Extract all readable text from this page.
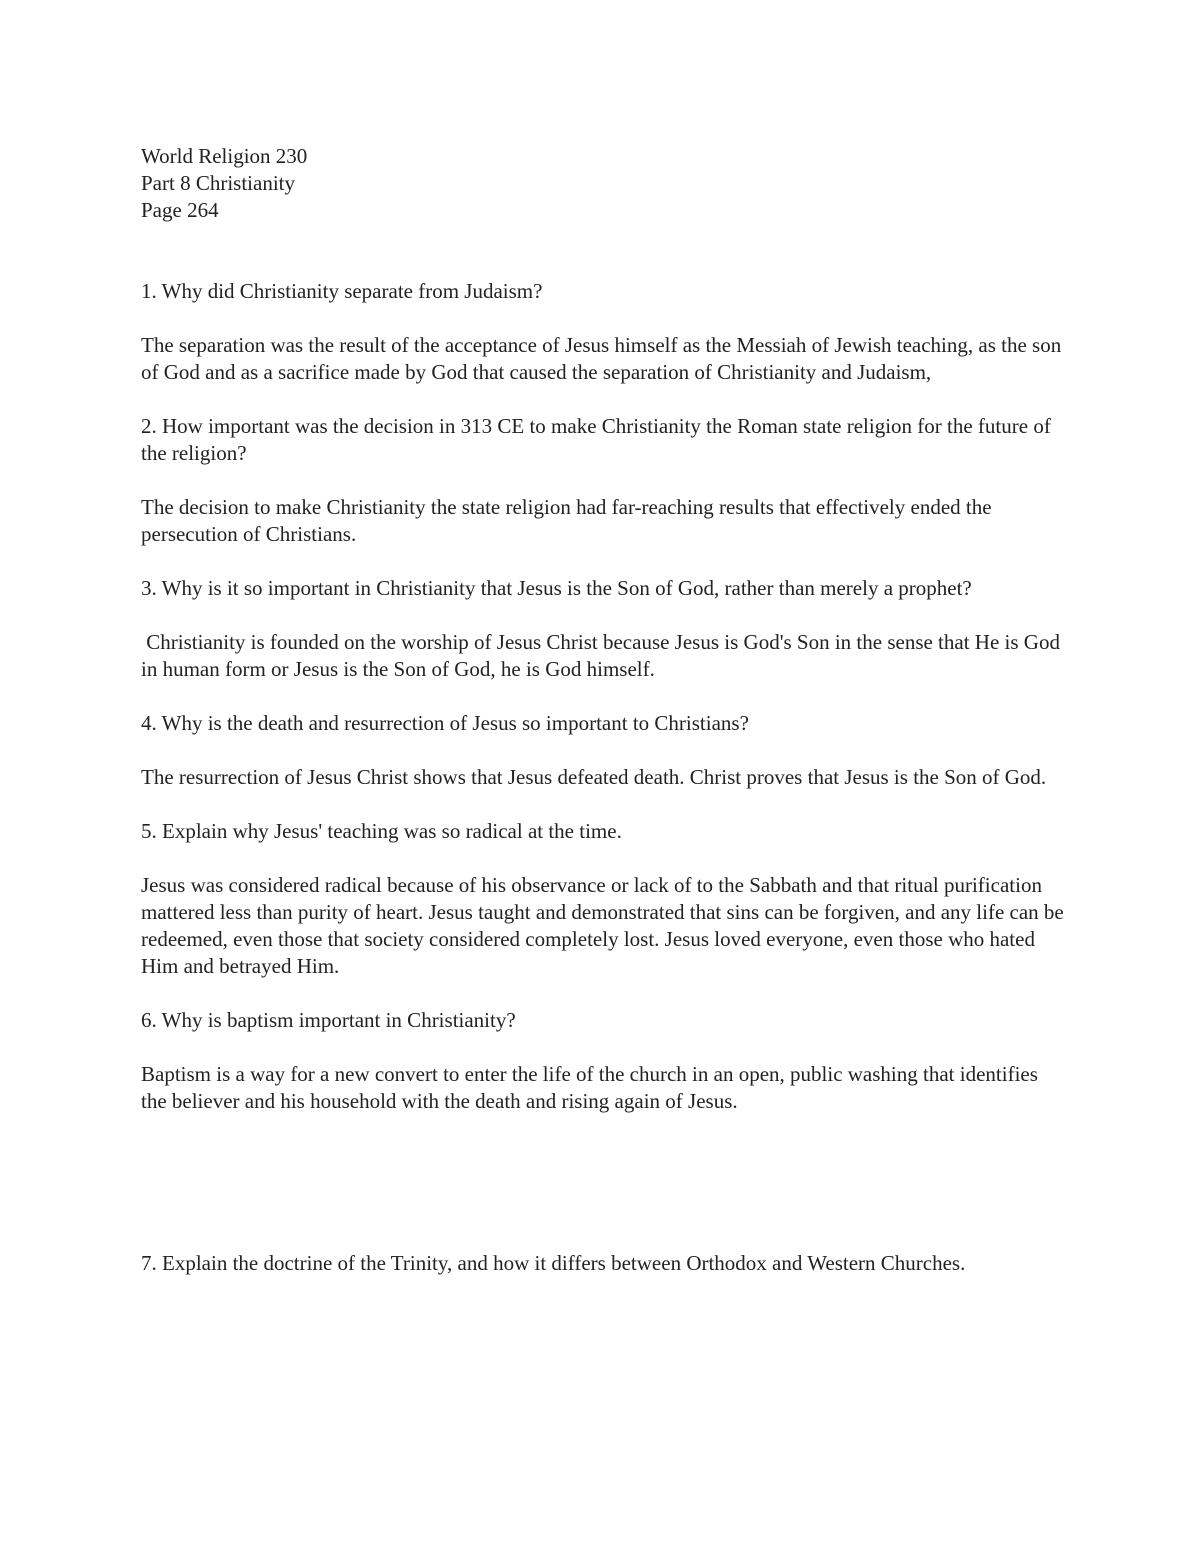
World Religion 230
Part 8 Christianity
Page 264

1. Why did Christianity separate from Judaism?

The separation was the result of the acceptance of Jesus himself as the Messiah of Jewish teaching, as the son of God and as a sacrifice made by God that caused the separation of Christianity and Judaism,

2. How important was the decision in 313 CE to make Christianity the Roman state religion for the future of the religion?

The decision to make Christianity the state religion had far-reaching results that effectively ended the persecution of Christians.

3. Why is it so important in Christianity that Jesus is the Son of God, rather than merely a prophet?

Christianity is founded on the worship of Jesus Christ because Jesus is God's Son in the sense that He is God in human form or Jesus is the Son of God, he is God himself.

4. Why is the death and resurrection of Jesus so important to Christians?

The resurrection of Jesus Christ shows that Jesus defeated death. Christ proves that Jesus is the Son of God.

5. Explain why Jesus' teaching was so radical at the time.

Jesus was considered radical because of his observance or lack of to the Sabbath and that ritual purification mattered less than purity of heart. Jesus taught and demonstrated that sins can be forgiven, and any life can be redeemed, even those that society considered completely lost. Jesus loved everyone, even those who hated Him and betrayed Him.

6. Why is baptism important in Christianity?

Baptism is a way for a new convert to enter the life of the church in an open, public washing that identifies the believer and his household with the death and rising again of Jesus.

7. Explain the doctrine of the Trinity, and how it differs between Orthodox and Western Churches.
